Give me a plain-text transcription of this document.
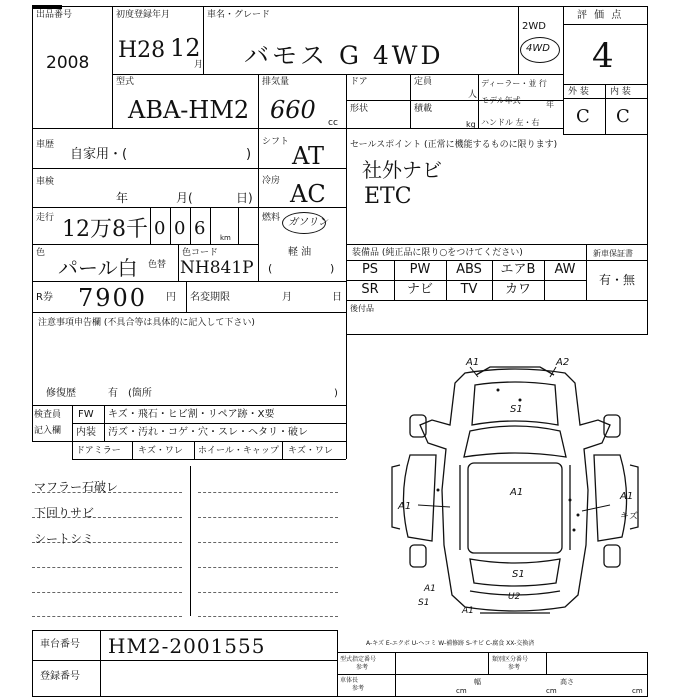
出品番号
2008
初度登録年月
H28 12
月
車名・グレード
バモス G 4WD
2WD
4WD
評 価 点
4
型式
ABA-HM2
排気量
660 cc
ドア	定員
人
ディーラー・並 行
モデル年式	年
形状	積載
kg ハンドル 左・右
外 装 内 装
C C
車歴
自家用・(	)
シフト AT
冷房 AC
燃料 ガソリン
軽 油
(	)
車検
年	月(	日)
走行 12万8千 0 0 6 km
色
パール白 色替
色コード
NH841P
R券 7900 円 名変期限	月	日
注意事項申告欄 (不具合等は具体的に記入して下さい)
修復歴	有 (箇所	)
セールスポイント (正常に機能するものに限ります)
社外ナビ
ETC
装備品 (純正品に限り○をつけてください)	新車保証書
PS	PW	ABS	エアB	AW
SR	ナビ	TV	カワ
有・無
後付品
検査員
記入欄
FW キズ・飛石・ヒビ割・リペア跡・X要
内装 汚ズ・汚れ・コゲ・穴・スレ・ヘタリ・破レ
ドアミラー キズ・ワレ ホイール・キャップ キズ・ワレ
マフラー石破レ
下回りサビ
シートシミ
A1	A2
S1
A1
A1
A1
キズ
S1
A1
S1
U2
A1
A-キズ E-エクボ U-ヘコミ W-補修跡 S-サビ C-腐食 XX-交換済
車台番号 HM2-2001555
登録番号
型式指定番号
参考
類別区分番号
参考
車体長
参考	cm
幅
cm
高さ
cm
